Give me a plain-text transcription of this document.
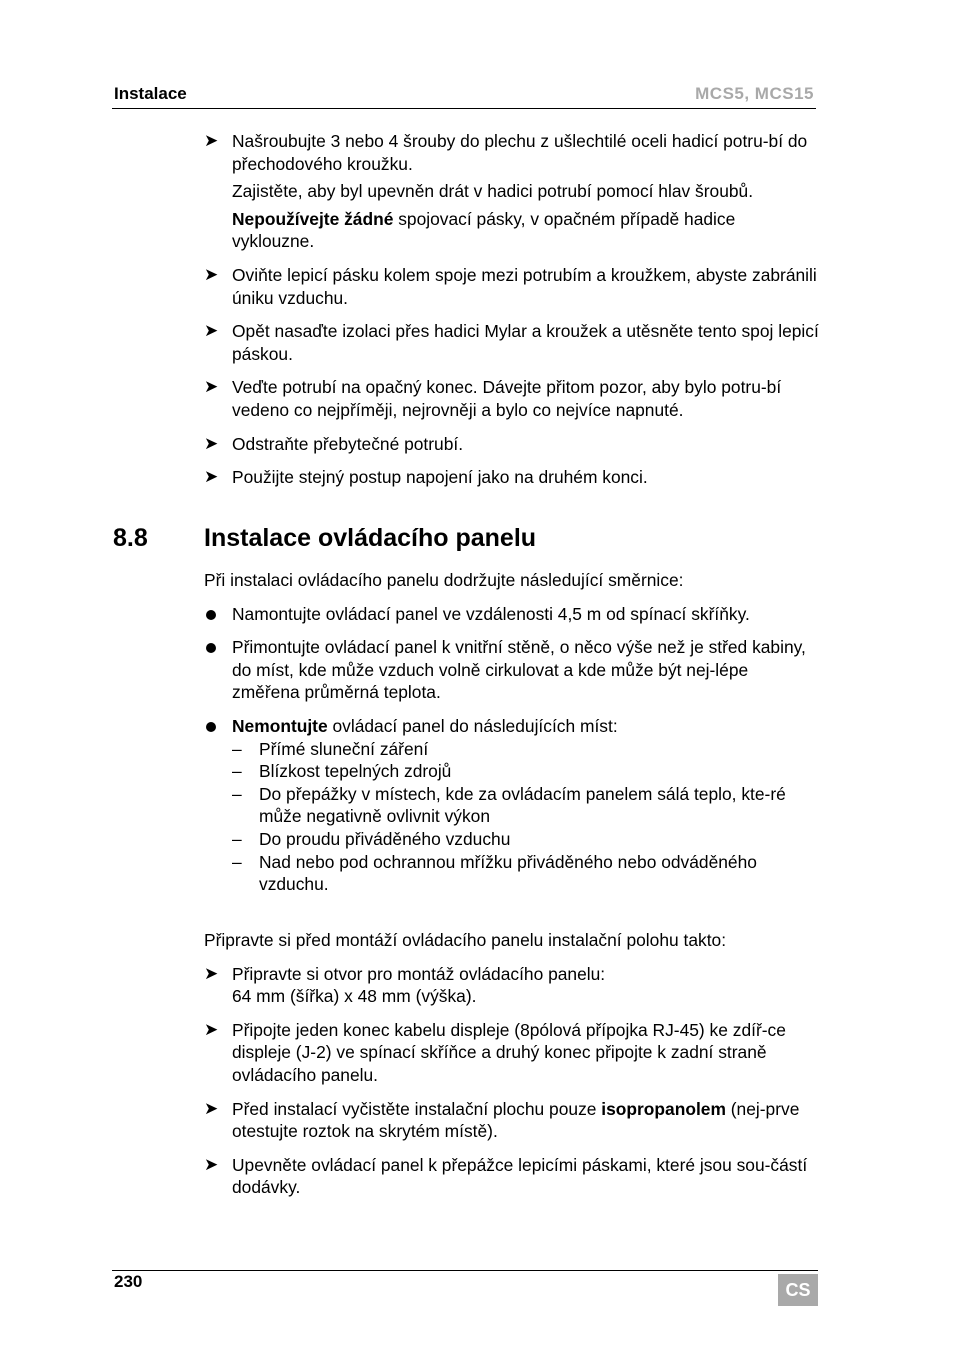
Instalace	MCS5, MCS15
➤ Našroubujte 3 nebo 4 šrouby do plechu z ušlechtilé oceli hadicí potru-bí do přechodového kroužku.

Zajistěte, aby byl upevněn drát v hadici potrubí pomocí hlav šroubů.

Nepoužívejte žádné spojovací pásky, v opačném případě hadice vyklouzne.

➤ Oviňte lepicí pásku kolem spoje mezi potrubím a kroužkem, abyste zabránili úniku vzduchu.

➤ Opět nasaďte izolaci přes hadici Mylar a kroužek a utěsněte tento spoj lepicí páskou.

➤ Veďte potrubí na opačný konec. Dávejte přitom pozor, aby bylo potru-bí vedeno co nejpříměji, nejrovněji a bylo co nejvíce napnuté.

➤ Odstraňte přebytečné potrubí.

➤ Použijte stejný postup napojení jako na druhém konci.

8.8 Instalace ovládacího panelu

Při instalaci ovládacího panelu dodržujte následující směrnice:

Namontujte ovládací panel ve vzdálenosti 4,5 m od spínací skříňky.

Přimontujte ovládací panel k vnitřní stěně, o něco výše než je střed kabiny, do míst, kde může vzduch volně cirkulovat a kde může být nej-lépe změřena průměrná teplota.

Nemontujte ovládací panel do následujících míst:

– Přímé sluneční záření
– Blízkost tepelných zdrojů
– Do přepážky v místech, kde za ovládacím panelem sálá teplo, kte-ré může negativně ovlivnit výkon
– Do proudu přiváděného vzduchu
– Nad nebo pod ochrannou mřížku přiváděného nebo odváděného vzduchu.

Připravte si před montáží ovládacího panelu instalační polohu takto:

➤ Připravte si otvor pro montáž ovládacího panelu:
64 mm (šířka) x 48 mm (výška).

➤ Připojte jeden konec kabelu displeje (8pólová přípojka RJ-45) ke zdíř-ce displeje (J-2) ve spínací skříňce a druhý konec připojte k zadní straně ovládacího panelu.

➤ Před instalací vyčistěte instalační plochu pouze isopropanolem (nej-prve otestujte roztok na skrytém místě).

➤ Upevněte ovládací panel k přepážce lepicími páskami, které jsou sou-částí dodávky.

230	CS
